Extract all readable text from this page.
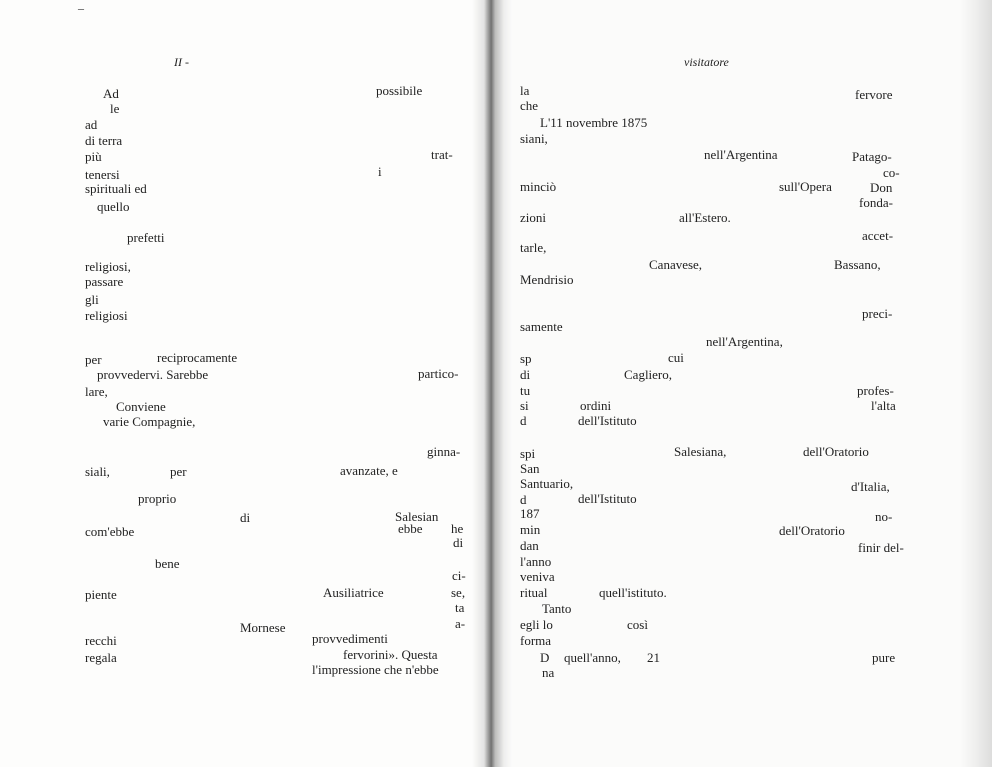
–
II -
Ad	possibile
le
ad
di terra
più	trat-
tenersi	i
spirituali ed
quello
prefetti
religiosi,
passare
gli
religiosi
per	reciprocamente
provvedervi. Sarebbe	partico-
lare,
Conviene
varie Compagnie,
ginna-
siali,	per	avanzate, e
proprio
di	Salesian
com'ebbe	ebbe he
di
bene
ci-
piente	Ausiliatrice	se,
ta
a-
Mornese
recchi	provvedimenti
regala	fervorini». Questa
l'impressione che n'ebbe
visitatore
la	fervore
che
L'11 novembre 1875
siani,
nell'Argentina	Patago-
co-
minciò	sull'Opera	Don
fonda-
zioni	all'Estero.
accet-
tarle,
Canavese,	Bassano,
Mendrisio
preci-
samente
nell'Argentina,
sp	cui
di	Cagliero,
tu	profes-
si	ordini	l'alta
d	dell'Istituto
spi	Salesiana,	dell'Oratorio
San
Santuario,	d'Italia,
d	dell'Istituto
187	no-
min	dell'Oratorio
dan	finir del-
l'anno
veniva
ritual	quell'istituto.
Tanto
egli lo	così
forma
D quell'anno, 21	pure
na
